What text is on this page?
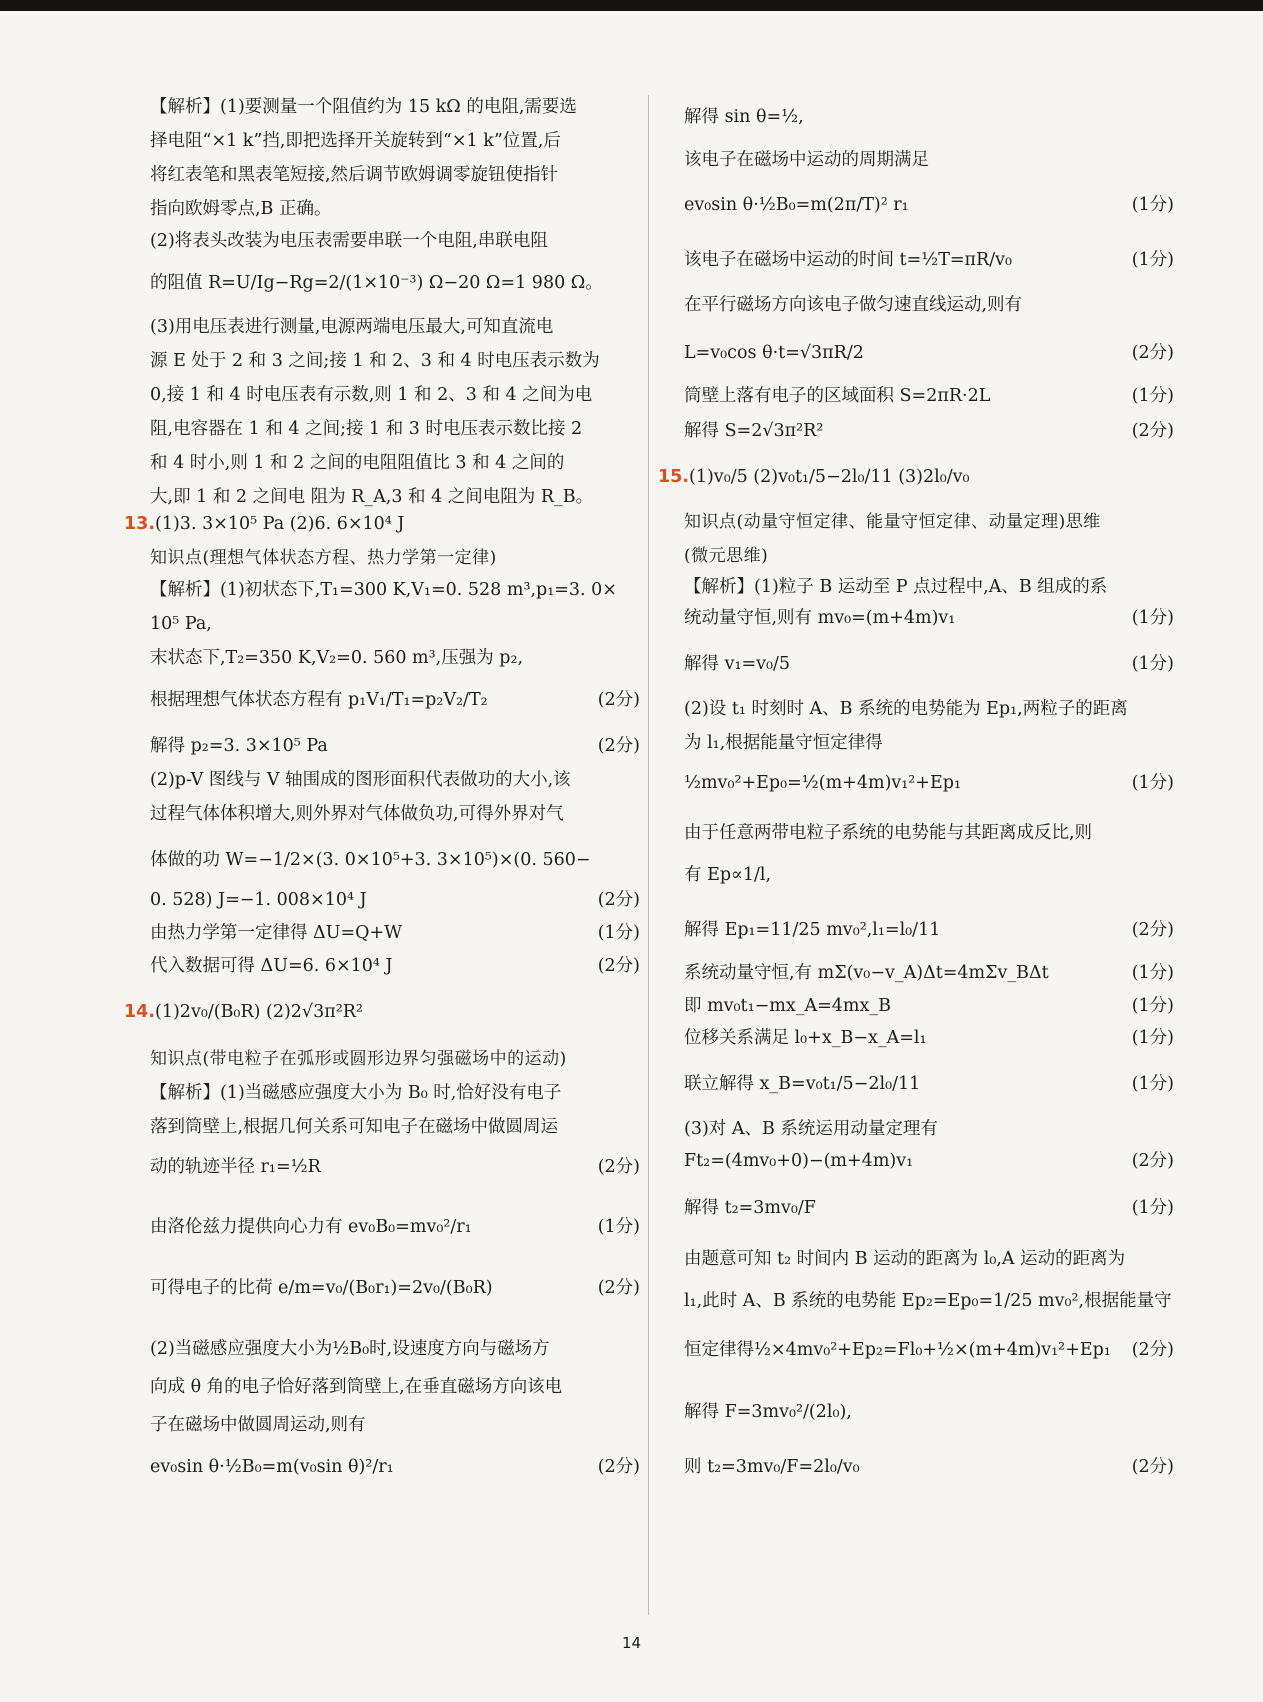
【解析】(1)要测量一个阻值约为 15 kΩ 的电阻,需要选
择电阻“×1 k”挡,即把选择开关旋转到“×1 k”位置,后
将红表笔和黑表笔短接,然后调节欧姆调零旋钮使指针
指向欧姆零点,B 正确。
(2)将表头改装为电压表需要串联一个电阻,串联电阻
的阻值 R=U/Ig−Rg=2/(1×10⁻³) Ω−20 Ω=1 980 Ω。
(3)用电压表进行测量,电源两端电压最大,可知直流电
源 E 处于 2 和 3 之间;接 1 和 2、3 和 4 时电压表示数为
0,接 1 和 4 时电压表有示数,则 1 和 2、3 和 4 之间为电
阻,电容器在 1 和 4 之间;接 1 和 3 时电压表示数比接 2
和 4 时小,则 1 和 2 之间的电阻阻值比 3 和 4 之间的
大,即 1 和 2 之间电 阻为 R_A,3 和 4 之间电阻为 R_B。
13.(1)3. 3×10⁵ Pa (2)6. 6×10⁴ J
知识点(理想气体状态方程、热力学第一定律)
【解析】(1)初状态下,T₁=300 K,V₁=0. 528 m³,p₁=3. 0×
10⁵ Pa,
末状态下,T₂=350 K,V₂=0. 560 m³,压强为 p₂,
根据理想气体状态方程有 p₁V₁/T₁=p₂V₂/T₂	(2分)
解得 p₂=3. 3×10⁵ Pa	(2分)
(2)p-V 图线与 V 轴围成的图形面积代表做功的大小,该
过程气体体积增大,则外界对气体做负功,可得外界对气
体做的功 W=−1/2×(3. 0×10⁵+3. 3×10⁵)×(0. 560−
0. 528) J=−1. 008×10⁴ J	(2分)
由热力学第一定律得 ΔU=Q+W	(1分)
代入数据可得 ΔU=6. 6×10⁴ J	(2分)
14.(1)2v₀/(B₀R) (2)2√3π²R²
知识点(带电粒子在弧形或圆形边界匀强磁场中的运动)
【解析】(1)当磁感应强度大小为 B₀ 时,恰好没有电子
落到筒壁上,根据几何关系可知电子在磁场中做圆周运
动的轨迹半径 r₁=½R	(2分)
由洛伦兹力提供向心力有 ev₀B₀=mv₀²/r₁	(1分)
可得电子的比荷 e/m=v₀/(B₀r₁)=2v₀/(B₀R)	(2分)
(2)当磁感应强度大小为½B₀时,设速度方向与磁场方
向成 θ 角的电子恰好落到筒壁上,在垂直磁场方向该电
子在磁场中做圆周运动,则有
ev₀sin θ·½B₀=m(v₀sin θ)²/r₁	(2分)
解得 sin θ=½,
该电子在磁场中运动的周期满足
ev₀sin θ·½B₀=m(2π/T)² r₁	(1分)
该电子在磁场中运动的时间 t=½T=πR/v₀	(1分)
在平行磁场方向该电子做匀速直线运动,则有
L=v₀cos θ·t=√3πR/2	(2分)
筒壁上落有电子的区域面积 S=2πR·2L	(1分)
解得 S=2√3π²R²	(2分)
15.(1)v₀/5 (2)v₀t₁/5−2l₀/11 (3)2l₀/v₀
知识点(动量守恒定律、能量守恒定律、动量定理)思维
(微元思维)
【解析】(1)粒子 B 运动至 P 点过程中,A、B 组成的系
统动量守恒,则有 mv₀=(m+4m)v₁	(1分)
解得 v₁=v₀/5	(1分)
(2)设 t₁ 时刻时 A、B 系统的电势能为 Ep₁,两粒子的距离
为 l₁,根据能量守恒定律得
½mv₀²+Ep₀=½(m+4m)v₁²+Ep₁	(1分)
由于任意两带电粒子系统的电势能与其距离成反比,则
有 Ep∝1/l,
解得 Ep₁=11/25 mv₀²,l₁=l₀/11	(2分)
系统动量守恒,有 mΣ(v₀−v_A)Δt=4mΣv_BΔt	(1分)
即 mv₀t₁−mx_A=4mx_B	(1分)
位移关系满足 l₀+x_B−x_A=l₁	(1分)
联立解得 x_B=v₀t₁/5−2l₀/11	(1分)
(3)对 A、B 系统运用动量定理有
Ft₂=(4mv₀+0)−(m+4m)v₁	(2分)
解得 t₂=3mv₀/F	(1分)
由题意可知 t₂ 时间内 B 运动的距离为 l₀,A 运动的距离为
l₁,此时 A、B 系统的电势能 Ep₂=Ep₀=1/25 mv₀²,根据能量守
恒定律得½×4mv₀²+Ep₂=Fl₀+½×(m+4m)v₁²+Ep₁ (2分)
解得 F=3mv₀²/(2l₀),
则 t₂=3mv₀/F=2l₀/v₀	(2分)
14
